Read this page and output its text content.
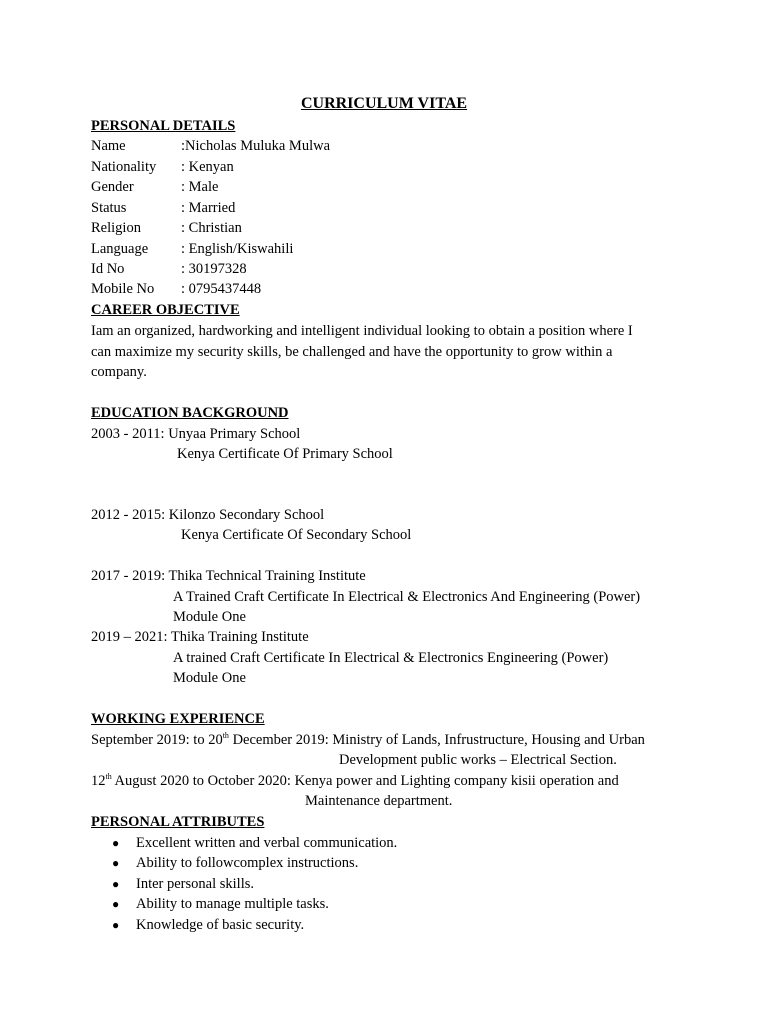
CURRICULUM VITAE
PERSONAL DETAILS
Name	:Nicholas Muluka Mulwa
Nationality : Kenyan
Gender	: Male
Status	: Married
Religion	: Christian
Language : English/Kiswahili
Id No	: 30197328
Mobile No : 0795437448
CAREER OBJECTIVE
Iam an organized, hardworking and intelligent individual looking to obtain a position where I
can maximize my security skills, be challenged and have the opportunity to grow within a
company.
EDUCATION BACKGROUND
2003 - 2011: Unyaa Primary School
Kenya Certificate Of Primary School
2012 - 2015: Kilonzo Secondary School
Kenya Certificate Of Secondary School
2017 - 2019: Thika Technical Training Institute
A Trained Craft Certificate In Electrical & Electronics And Engineering (Power)
Module One
2019 – 2021: Thika Training Institute
A trained Craft Certificate In Electrical & Electronics Engineering (Power)
Module One
WORKING EXPERIENCE
September 2019: to 20th December 2019: Ministry of Lands, Infrustructure, Housing and Urban
Development public works – Electrical Section.
12th August 2020 to October 2020: Kenya power and Lighting company kisii operation and
Maintenance department.
PERSONAL ATTRIBUTES
● Excellent written and verbal communication.
● Ability to followcomplex instructions.
● Inter personal skills.
● Ability to manage multiple tasks.
● Knowledge of basic security.
